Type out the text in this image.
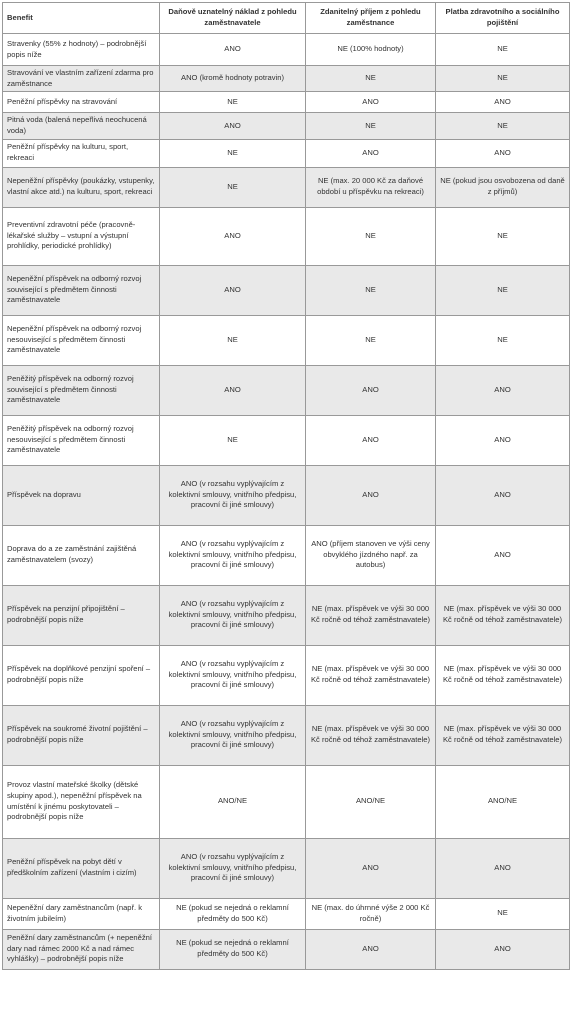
Benefit	Daňově uznatelný náklad z pohledu zaměstnavatele	Zdanitelný příjem z pohledu zaměstnance	Platba zdravotního a sociálního pojištění
Stravenky (55% z hodnoty) – podrobnější popis níže	ANO	NE (100% hodnoty)	NE
Stravování ve vlastním zařízení zdarma pro zaměstnance	ANO (kromě hodnoty potravin)	NE	NE
Peněžní příspěvky na stravování	NE	ANO	ANO
Pitná voda (balená nepeřlivá neochucená voda)	ANO	NE	NE
Peněžní příspěvky na kulturu, sport, rekreaci	NE	ANO	ANO
Nepeněžní příspěvky (poukázky, vstupenky, vlastní akce atd.) na kulturu, sport, rekreaci	NE	NE (max. 20 000 Kč za daňové období u příspěvku na rekreaci)	NE (pokud jsou osvobozena od daně z příjmů)
Preventivní zdravotní péče (pracovně-lékařské služby – vstupní a výstupní prohlídky, periodické prohlídky)	ANO	NE	NE
Nepeněžní příspěvek na odborný rozvoj související s předmětem činnosti zaměstnavatele	ANO	NE	NE
Nepeněžní příspěvek na odborný rozvoj nesouvisející s předmětem činnosti zaměstnavatele	NE	NE	NE
Peněžitý příspěvek na odborný rozvoj související s předmětem činnosti zaměstnavatele	ANO	ANO	ANO
Peněžitý příspěvek na odborný rozvoj nesouvisející s předmětem činnosti zaměstnavatele	NE	ANO	ANO
Příspěvek na dopravu	ANO (v rozsahu vyplývajícím z kolektivní smlouvy, vnitřního předpisu, pracovní či jiné smlouvy)	ANO	ANO
Doprava do a ze zaměstnání zajištěná zaměstnavatelem (svozy)	ANO (v rozsahu vyplývajícím z kolektivní smlouvy, vnitřního předpisu, pracovní či jiné smlouvy)	ANO (příjem stanoven ve výši ceny obvyklého jízdného např. za autobus)	ANO
Příspěvek na penzijní připojištění – podrobnější popis níže	ANO (v rozsahu vyplývajícím z kolektivní smlouvy, vnitřního předpisu, pracovní či jiné smlouvy)	NE (max. příspěvek ve výši 30 000 Kč ročně od téhož zaměstnavatele)	NE (max. příspěvek ve výši 30 000 Kč ročně od téhož zaměstnavatele)
Příspěvek na doplňkové penzijní spoření – podrobnější popis níže	ANO (v rozsahu vyplývajícím z kolektivní smlouvy, vnitřního předpisu, pracovní či jiné smlouvy)	NE (max. příspěvek ve výši 30 000 Kč ročně od téhož zaměstnavatele)	NE (max. příspěvek ve výši 30 000 Kč ročně od téhož zaměstnavatele)
Příspěvek na soukromé životní pojištění – podrobnější popis níže	ANO (v rozsahu vyplývajícím z kolektivní smlouvy, vnitřního předpisu, pracovní či jiné smlouvy)	NE (max. příspěvek ve výši 30 000 Kč ročně od téhož zaměstnavatele)	NE (max. příspěvek ve výši 30 000 Kč ročně od téhož zaměstnavatele)
Provoz vlastní mateřské školky (dětské skupiny apod.), nepeněžní příspěvek na umístění k jinému poskytovateli – podrobnější popis níže	ANO/NE	ANO/NE	ANO/NE
Peněžní příspěvek na pobyt dětí v předškolním zařízení (vlastním i cizím)	ANO (v rozsahu vyplývajícím z kolektivní smlouvy, vnitřního předpisu, pracovní či jiné smlouvy)	ANO	ANO
Nepeněžní dary zaměstnancům (např. k životním jubileím)	NE (pokud se nejedná o reklamní předměty do 500 Kč)	NE (max. do úhrnné výše 2 000 Kč ročně)	NE
Peněžní dary zaměstnancům (+ nepeněžní dary nad rámec 2000 Kč a nad rámec vyhlášky) – podrobnější popis níže	NE (pokud se nejedná o reklamní předměty do 500 Kč)	ANO	ANO
